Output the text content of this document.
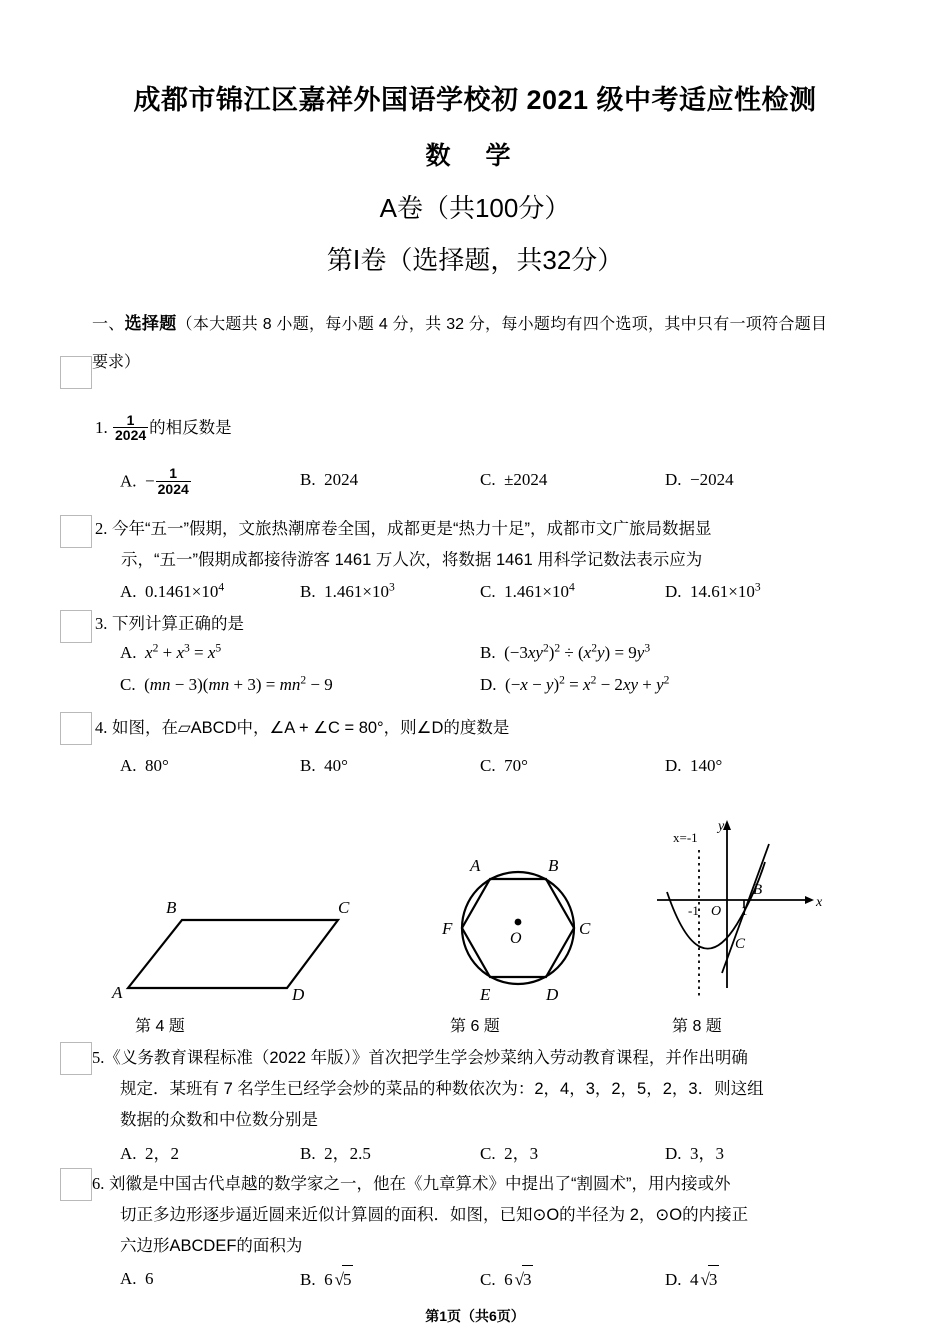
成都市锦江区嘉祥外国语学校初 2021 级中考适应性检测
数 学
A卷（共100分）
第Ⅰ卷（选择题，共32分）
一、选择题（本大题共 8 小题，每小题 4 分，共 32 分，每小题均有四个选项，其中只有一项符合题目要求）
1. $\frac{1}{2024}$ 的相反数是
A.  − $\frac{1}{2024}$	B. 2024	C. ±2024	D. −2024
2. 今年“五一”假期，文旅热潮席卷全国，成都更是“热力十足”，成都市文广旅局数据显
示，“五一”假期成都接待游客 1461 万人次，将数据 1461 用科学记数法表示应为
A. $0.1461\times 10^4$	B. $1.461\times 10^3$	C. $1.461\times 10^4$	D. $14.61\times 10^3$
3. 下列计算正确的是
A. $x^2 + x^3 = x^5$	B.  $(-3xy^2)^2 \div (x^2y) = 9y^3$
C.  $(mn - 3)(mn + 3) = mn^2 - 9$	D.  $(-x - y)^2 = x^2 - 2xy + y^2$
4. 如图，在▱ABCD中，∠A + ∠C = 80°，则∠D的度数是
A. 80°	B. 40°	C. 70°	D. 140°
A
B	C
D
第 4 题
A	B
C
D
E
F
O
第 6 题
y
x
O
x=-1
-1	1
B
C
第 8 题
5.《义务教育课程标准（2022 年版）》首次把学生学会炒菜纳入劳动教育课程，并作出明确
规定．某班有 7 名学生已经学会炒的菜品的种数依次为：2，4，3，2，5，2，3．则这组
数据的众数和中位数分别是
A. 2，2	B. 2，2.5	C. 2，3	D. 3，3
6. 刘徽是中国古代卓越的数学家之一，他在《九章算术》中提出了“割圆术”，用内接或外
切正多边形逐步逼近圆来近似计算圆的面积．如图，已知⊙O的半径为 2，⊙O的内接正
六边形ABCDEF的面积为
A. 6	B.  6 √5	C.  6 √3	D.  4 √3
第1页（共6页）
